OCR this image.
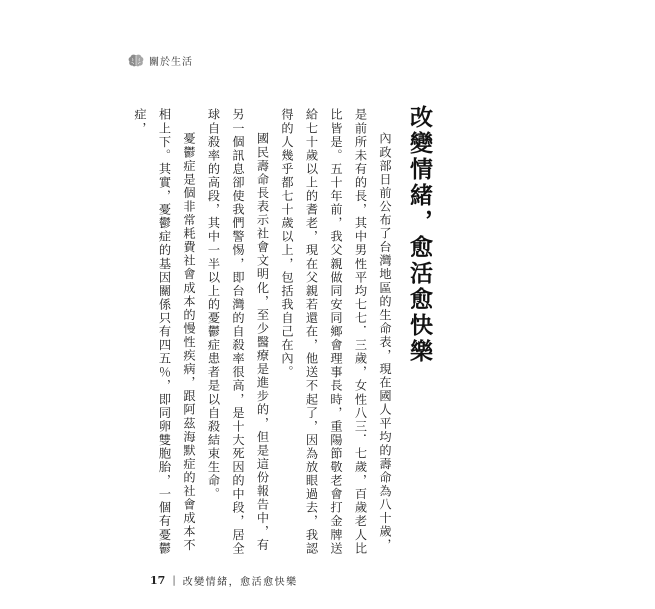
關於生活
改變情緒，愈活愈快樂

內政部日前公布了台灣地區的生命表，現在國人平均的壽命為八十歲，是前所未有的長，其中男性平均七七．三歲，女性八三．七歲，百歲老人比比皆是。五十年前，我父親做同安同鄉會理事長時，重陽節敬老會打金牌送給七十歲以上的耆老，現在父親若還在，他送不起了，因為放眼過去，我認得的人幾乎都七十歲以上，包括我自己在內。

國民壽命長表示社會文明化，至少醫療是進步的，但是這份報告中，有另一個訊息卻使我們警惕，即台灣的自殺率很高，是十大死因的中段，居全球自殺率的高段，其中一半以上的憂鬱症患者是以自殺結束生命。

憂鬱症是個非常耗費社會成本的慢性疾病，跟阿茲海默症的社會成本不相上下。其實，憂鬱症的基因關係只有四五％，即同卵雙胞胎，一個有憂鬱症，

17 | 改變情緒，愈活愈快樂
